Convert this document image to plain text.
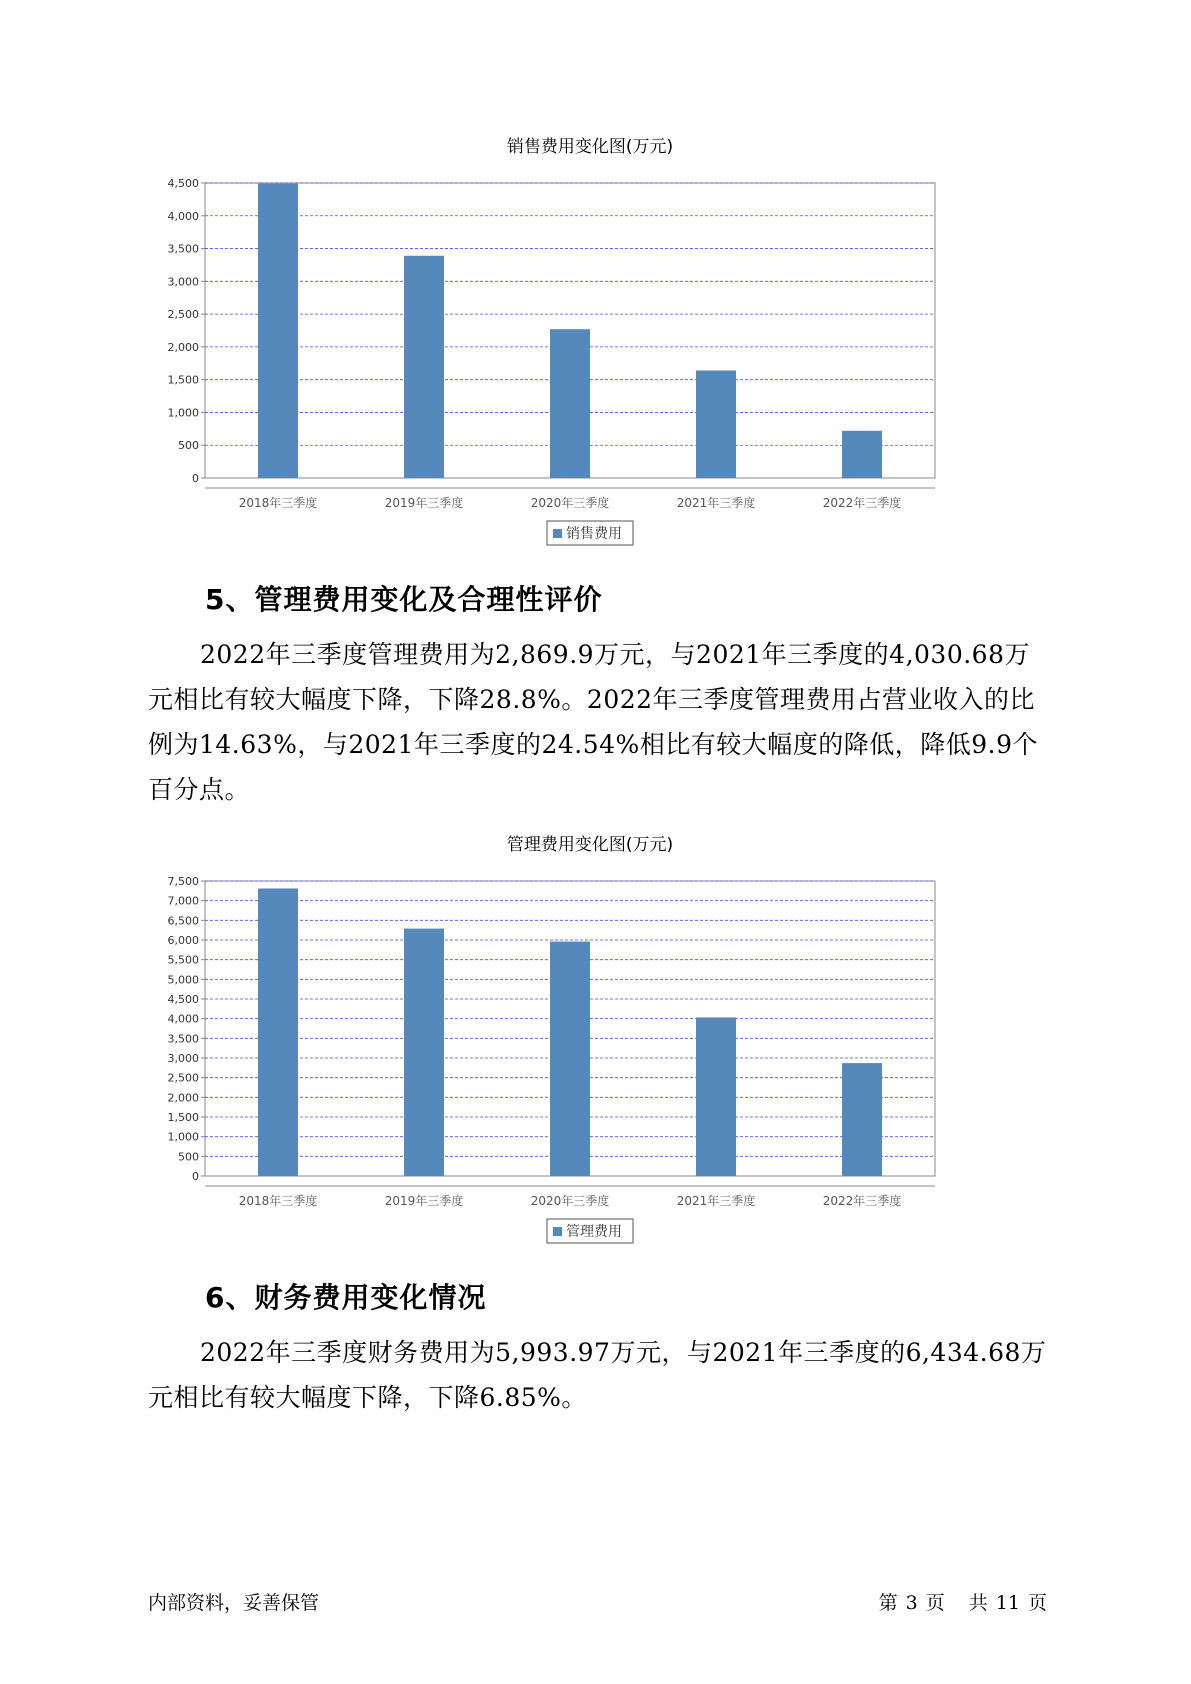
销售费用变化图(万元)
0
500
1,000
1,500
2,000
2,500
3,000
3,500
4,000
4,500
2018年三季度	2019年三季度	2020年三季度	2021年三季度	2022年三季度
销售费用
5、管理费用变化及合理性评价

2022年三季度管理费用为2,869.9万元，与2021年三季度的4,030.68万元相比有较大幅度下降，下降28.8%。2022年三季度管理费用占营业收入的比例为14.63%，与2021年三季度的24.54%相比有较大幅度的降低，降低9.9个百分点。

管理费用变化图(万元)
0
500
1,000
1,500
2,000
2,500
3,000
3,500
4,000
4,500
5,000
5,500
6,000
6,500
7,000
7,500
2018年三季度	2019年三季度	2020年三季度	2021年三季度	2022年三季度
管理费用
6、财务费用变化情况

2022年三季度财务费用为5,993.97万元，与2021年三季度的6,434.68万元相比有较大幅度下降，下降6.85%。

内部资料，妥善保管	第 3 页 共 11 页
